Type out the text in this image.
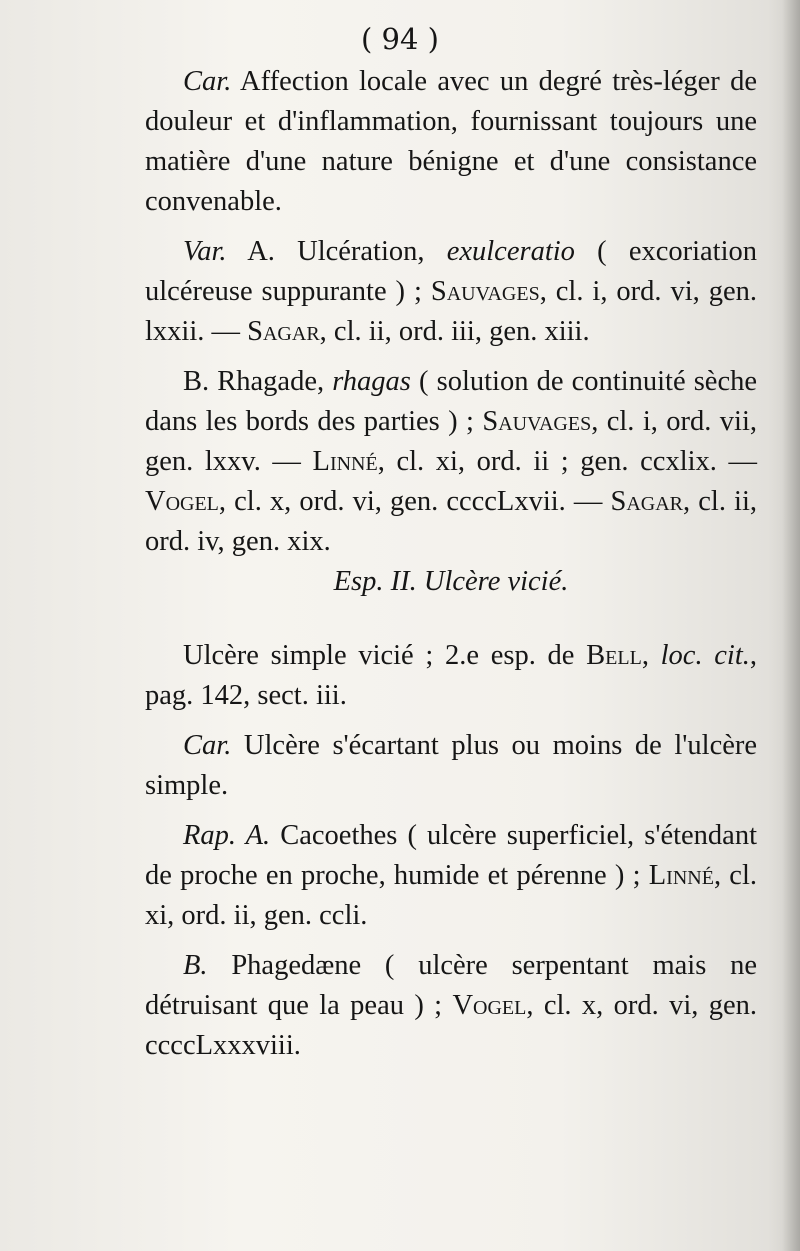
( 94 )

Car. Affection locale avec un degré très-léger de douleur et d'inflammation, fournissant toujours une matière d'une nature bénigne et d'une consistance convenable.

Var. A. Ulcération, exulceratio ( excoriation ulcéreuse suppurante ) ; Sauvages, cl. i, ord. vi, gen. lxxii. — Sagar, cl. ii, ord. iii, gen. xiii.

B. Rhagade, rhagas ( solution de continuité sèche dans les bords des parties ) ; Sauvages, cl. i, ord. vii, gen. lxxv. — Linné, cl. xi, ord. ii ; gen. ccxlix. — Vogel, cl. x, ord. vi, gen. ccccLxvii. — Sagar, cl. ii, ord. iv, gen. xix.

Esp. II. Ulcère vicié.

Ulcère simple vicié ; 2.e esp. de Bell, loc. cit., pag. 142, sect. iii.

Car. Ulcère s'écartant plus ou moins de l'ulcère simple.

Rap. A. Cacoethes ( ulcère superficiel, s'étendant de proche en proche, humide et pérenne ) ; Linné, cl. xi, ord. ii, gen. ccli.

B. Phagedæne ( ulcère serpentant mais ne détruisant que la peau ) ; Vogel, cl. x, ord. vi, gen. ccccLxxxviii.
